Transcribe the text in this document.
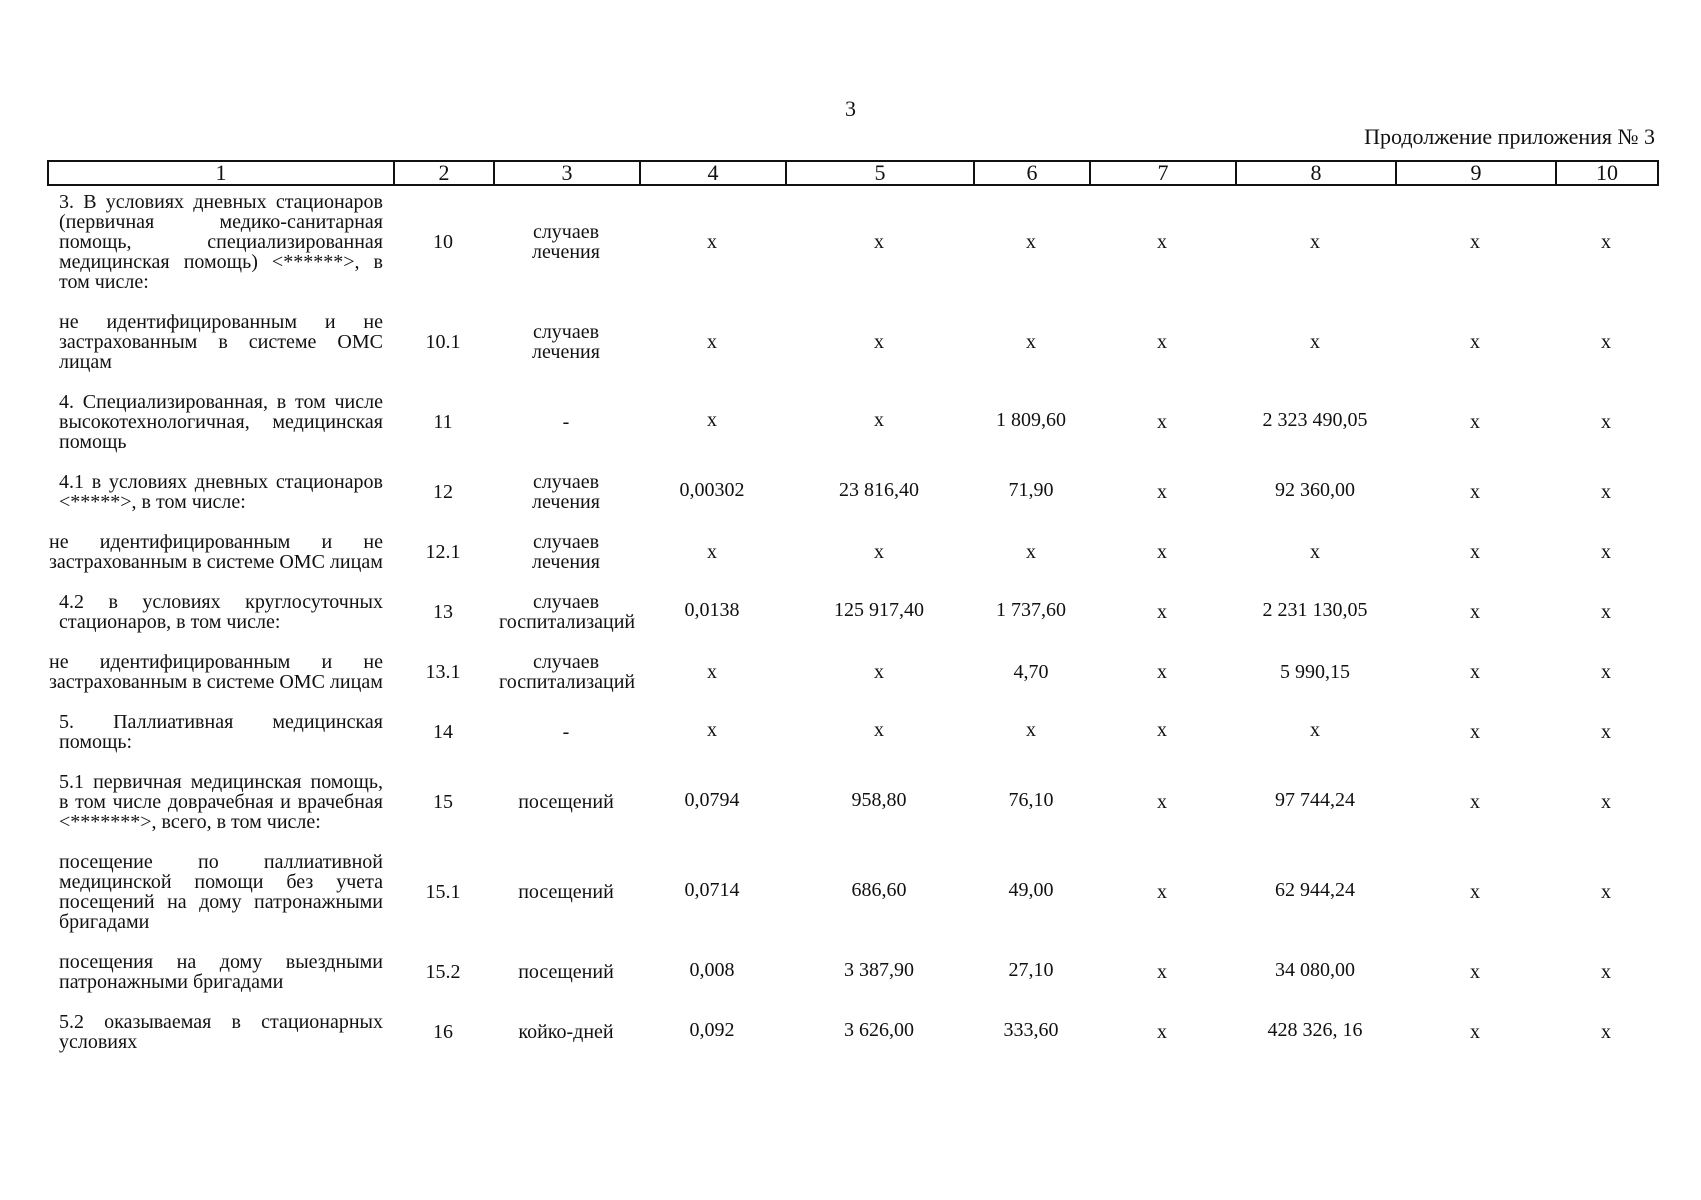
3
Продолжение приложения № 3
1	2	3	4	5	6	7	8	9	10
3. В условиях дневных стационаров (первичная медико-санитарная помощь, специализированная медицинская помощь) <******>, в том числе:	10	случаев лечения	х	х	х	х	х	х	х
не идентифицированным и не застрахованным в системе ОМС лицам	10.1	случаев лечения	х	х	х	х	х	х	х
4. Специализированная, в том числе высокотехнологичная, медицинская помощь	11	-	х	х	1 809,60	х	2 323 490,05	х	х
4.1 в условиях дневных стационаров <*****>, в том числе:	12	случаев лечения	0,00302	23 816,40	71,90	х	92 360,00	х	х
не идентифицированным и не застрахованным в системе ОМС лицам	12.1	случаев лечения	х	х	х	х	х	х	х
4.2 в условиях круглосуточных стационаров, в том числе:	13	случаев госпитализаций	0,0138	125 917,40	1 737,60	х	2 231 130,05	х	х
не идентифицированным и не застрахованным в системе ОМС лицам	13.1	случаев госпитализаций	х	х	4,70	х	5 990,15	х	х
5. Паллиативная медицинская помощь:	14	-	х	х	х	х	х	х	х
5.1 первичная медицинская помощь, в том числе доврачебная и врачебная <*******>, всего, в том числе:	15	посещений	0,0794	958,80	76,10	х	97 744,24	х	х
посещение по паллиативной медицинской помощи без учета посещений на дому патронажными бригадами	15.1	посещений	0,0714	686,60	49,00	х	62 944,24	х	х
посещения на дому выездными патронажными бригадами	15.2	посещений	0,008	3 387,90	27,10	х	34 080,00	х	х
5.2 оказываемая в стационарных условиях	16	койко-дней	0,092	3 626,00	333,60	х	428 326, 16	х	х
